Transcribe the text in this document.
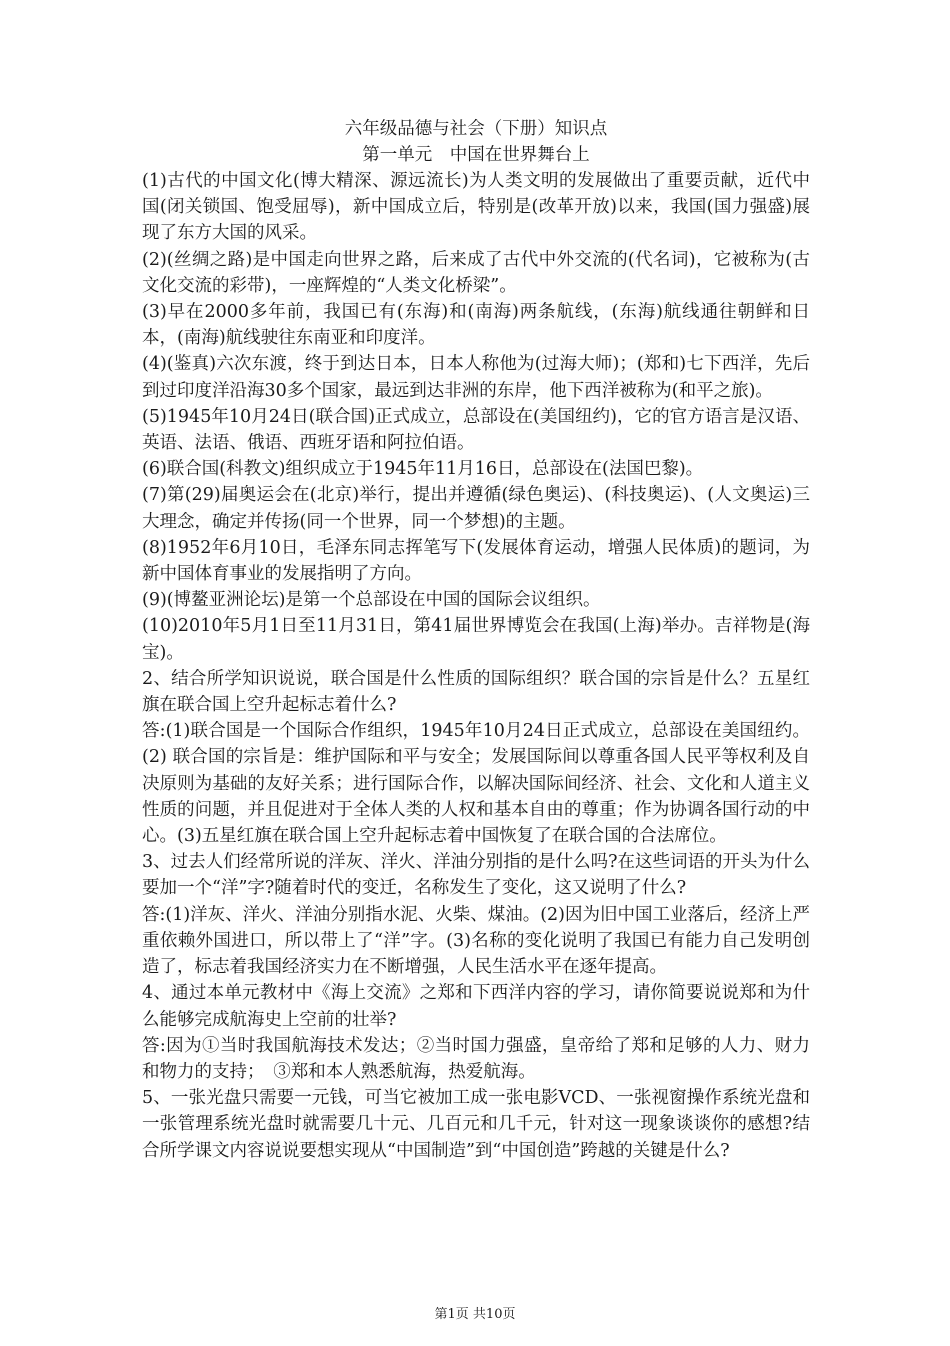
六年级品德与社会（下册）知识点

第一单元　中国在世界舞台上

(1)古代的中国文化(博大精深、源远流长)为人类文明的发展做出了重要贡献，近代中国(闭关锁国、饱受屈辱)，新中国成立后，特别是(改革开放)以来，我国(国力强盛)展现了东方大国的风采。

(2)(丝绸之路)是中国走向世界之路，后来成了古代中外交流的(代名词)，它被称为(古文化交流的彩带)，一座辉煌的“人类文化桥梁”。

(3)早在2000多年前，我国已有(东海)和(南海)两条航线，(东海)航线通往朝鲜和日本，(南海)航线驶往东南亚和印度洋。

(4)(鉴真)六次东渡，终于到达日本，日本人称他为(过海大师)；(郑和)七下西洋，先后到过印度洋沿海30多个国家，最远到达非洲的东岸，他下西洋被称为(和平之旅)。

(5)1945年10月24日(联合国)正式成立，总部设在(美国纽约)，它的官方语言是汉语、英语、法语、俄语、西班牙语和阿拉伯语。

(6)联合国(科教文)组织成立于1945年11月16日，总部设在(法国巴黎)。

(7)第(29)届奥运会在(北京)举行，提出并遵循(绿色奥运)、(科技奥运)、(人文奥运)三大理念，确定并传扬(同一个世界，同一个梦想)的主题。

(8)1952年6月10日，毛泽东同志挥笔写下(发展体育运动，增强人民体质)的题词，为新中国体育事业的发展指明了方向。

(9)(博鳌亚洲论坛)是第一个总部设在中国的国际会议组织。

(10)2010年5月1日至11月31日，第41届世界博览会在我国(上海)举办。吉祥物是(海宝)。

2、结合所学知识说说，联合国是什么性质的国际组织？联合国的宗旨是什么？五星红旗在联合国上空升起标志着什么?

答:(1)联合国是一个国际合作组织，1945年10月24日正式成立，总部设在美国纽约。(2) 联合国的宗旨是：维护国际和平与安全；发展国际间以尊重各国人民平等权利及自决原则为基础的友好关系；进行国际合作，以解决国际间经济、社会、文化和人道主义性质的问题，并且促进对于全体人类的人权和基本自由的尊重；作为协调各国行动的中心。(3)五星红旗在联合国上空升起标志着中国恢复了在联合国的合法席位。

3、过去人们经常所说的洋灰、洋火、洋油分别指的是什么吗?在这些词语的开头为什么要加一个“洋”字?随着时代的变迁，名称发生了变化，这又说明了什么?

答:(1)洋灰、洋火、洋油分别指水泥、火柴、煤油。(2)因为旧中国工业落后，经济上严重依赖外国进口，所以带上了“洋”字。(3)名称的变化说明了我国已有能力自己发明创造了，标志着我国经济实力在不断增强，人民生活水平在逐年提高。

4、通过本单元教材中《海上交流》之郑和下西洋内容的学习，请你简要说说郑和为什么能够完成航海史上空前的壮举?

答:因为①当时我国航海技术发达；②当时国力强盛，皇帝给了郑和足够的人力、财力和物力的支持；　③郑和本人熟悉航海，热爱航海。

5、一张光盘只需要一元钱，可当它被加工成一张电影VCD、一张视窗操作系统光盘和一张管理系统光盘时就需要几十元、几百元和几千元，针对这一现象谈谈你的感想?结合所学课文内容说说要想实现从“中国制造”到“中国创造”跨越的关键是什么?

第1页 共10页
